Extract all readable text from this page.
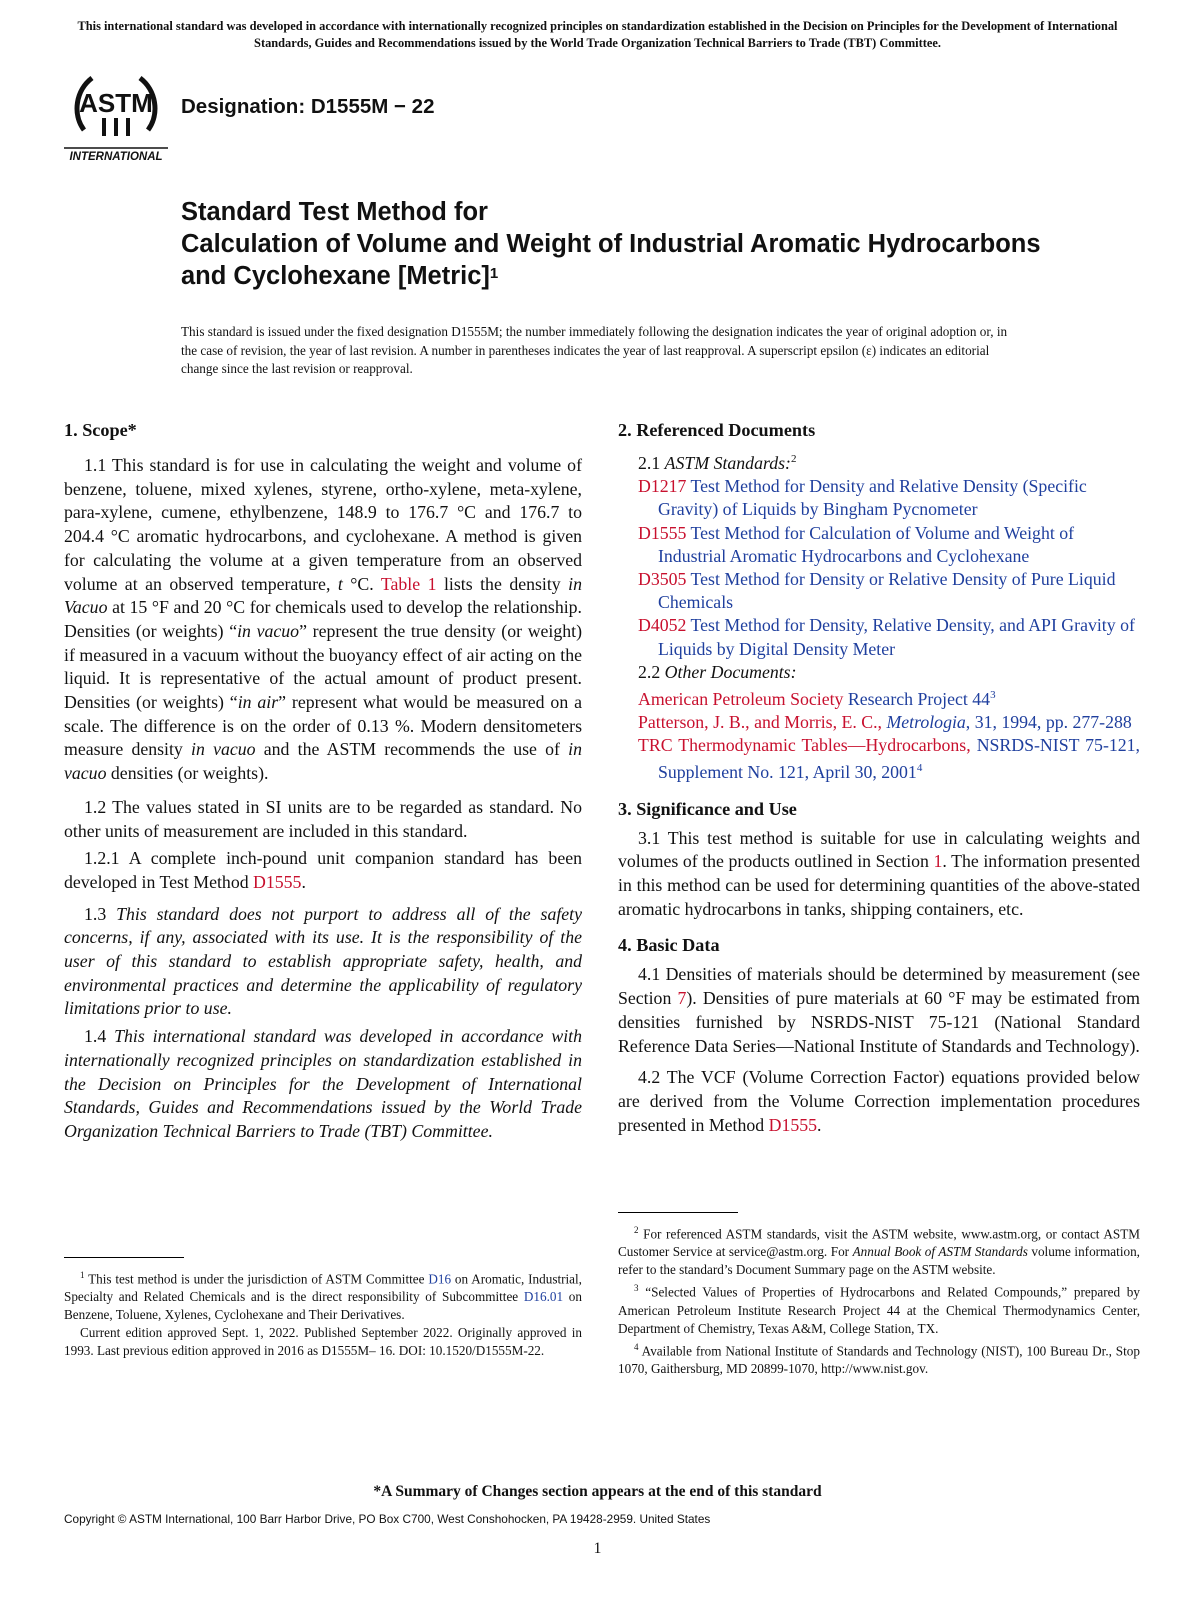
This international standard was developed in accordance with internationally recognized principles on standardization established in the Decision on Principles for the Development of International Standards, Guides and Recommendations issued by the World Trade Organization Technical Barriers to Trade (TBT) Committee.
ASTM
INTERNATIONAL
Designation: D1555M − 22
Standard Test Method for
Calculation of Volume and Weight of Industrial Aromatic Hydrocarbons and Cyclohexane [Metric]$^1$
This standard is issued under the fixed designation D1555M; the number immediately following the designation indicates the year of original adoption or, in the case of revision, the year of last revision. A number in parentheses indicates the year of last reapproval. A superscript epsilon (ε) indicates an editorial change since the last revision or reapproval.
1. Scope*

1.1 This standard is for use in calculating the weight and volume of benzene, toluene, mixed xylenes, styrene, ortho-xylene, meta-xylene, para-xylene, cumene, ethylbenzene, 148.9 to 176.7 °C and 176.7 to 204.4 °C aromatic hydrocarbons, and cyclohexane. A method is given for calculating the volume at a given temperature from an observed volume at an observed temperature, t °C. Table 1 lists the density in Vacuo at 15 °F and 20 °C for chemicals used to develop the relationship. Densities (or weights) “in vacuo” represent the true density (or weight) if measured in a vacuum without the buoyancy effect of air acting on the liquid. It is representative of the actual amount of product present. Densities (or weights) “in air” represent what would be measured on a scale. The difference is on the order of 0.13 %. Modern densitometers measure density in vacuo and the ASTM recommends the use of in vacuo densities (or weights).

1.2 The values stated in SI units are to be regarded as standard. No other units of measurement are included in this standard.

1.2.1 A complete inch-pound unit companion standard has been developed in Test Method D1555.

1.3 This standard does not purport to address all of the safety concerns, if any, associated with its use. It is the responsibility of the user of this standard to establish appropriate safety, health, and environmental practices and determine the applicability of regulatory limitations prior to use.

1.4 This international standard was developed in accordance with internationally recognized principles on standardization established in the Decision on Principles for the Development of International Standards, Guides and Recommendations issued by the World Trade Organization Technical Barriers to Trade (TBT) Committee.

$^1$ This test method is under the jurisdiction of ASTM Committee D16 on Aromatic, Industrial, Specialty and Related Chemicals and is the direct responsibility of Subcommittee D16.01 on Benzene, Toluene, Xylenes, Cyclohexane and Their Derivatives.
Current edition approved Sept. 1, 2022. Published September 2022. Originally approved in 1993. Last previous edition approved in 2016 as D1555M– 16. DOI: 10.1520/D1555M-22.
2. Referenced Documents
2.1 ASTM Standards:$^2$
D1217 Test Method for Density and Relative Density (Specific Gravity) of Liquids by Bingham Pycnometer
D1555 Test Method for Calculation of Volume and Weight of Industrial Aromatic Hydrocarbons and Cyclohexane
D3505 Test Method for Density or Relative Density of Pure Liquid Chemicals
D4052 Test Method for Density, Relative Density, and API Gravity of Liquids by Digital Density Meter
2.2 Other Documents:
American Petroleum Society Research Project $44^3$
Patterson, J. B., and Morris, E. C., Metrologia, 31, 1994, pp. 277-288
TRC Thermodynamic Tables—Hydrocarbons, NSRDS-NIST 75-121, Supplement No. 121, April 30, 2001$^4$
3. Significance and Use

3.1 This test method is suitable for use in calculating weights and volumes of the products outlined in Section 1. The information presented in this method can be used for determining quantities of the above-stated aromatic hydrocarbons in tanks, shipping containers, etc.

4. Basic Data

4.1 Densities of materials should be determined by measurement (see Section 7). Densities of pure materials at 60 °F may be estimated from densities furnished by NSRDS-NIST 75-121 (National Standard Reference Data Series—National Institute of Standards and Technology).

4.2 The VCF (Volume Correction Factor) equations provided below are derived from the Volume Correction implementation procedures presented in Method D1555.

$^2$ For referenced ASTM standards, visit the ASTM website, www.astm.org, or contact ASTM Customer Service at service@astm.org. For Annual Book of ASTM Standards volume information, refer to the standard’s Document Summary page on the ASTM website.
$^3$ “Selected Values of Properties of Hydrocarbons and Related Compounds,” prepared by American Petroleum Institute Research Project 44 at the Chemical Thermodynamics Center, Department of Chemistry, Texas A&M, College Station, TX.
$^4$ Available from National Institute of Standards and Technology (NIST), 100 Bureau Dr., Stop 1070, Gaithersburg, MD 20899-1070, http://www.nist.gov.
*A Summary of Changes section appears at the end of this standard
Copyright © ASTM International, 100 Barr Harbor Drive, PO Box C700, West Conshohocken, PA 19428-2959. United States
1
